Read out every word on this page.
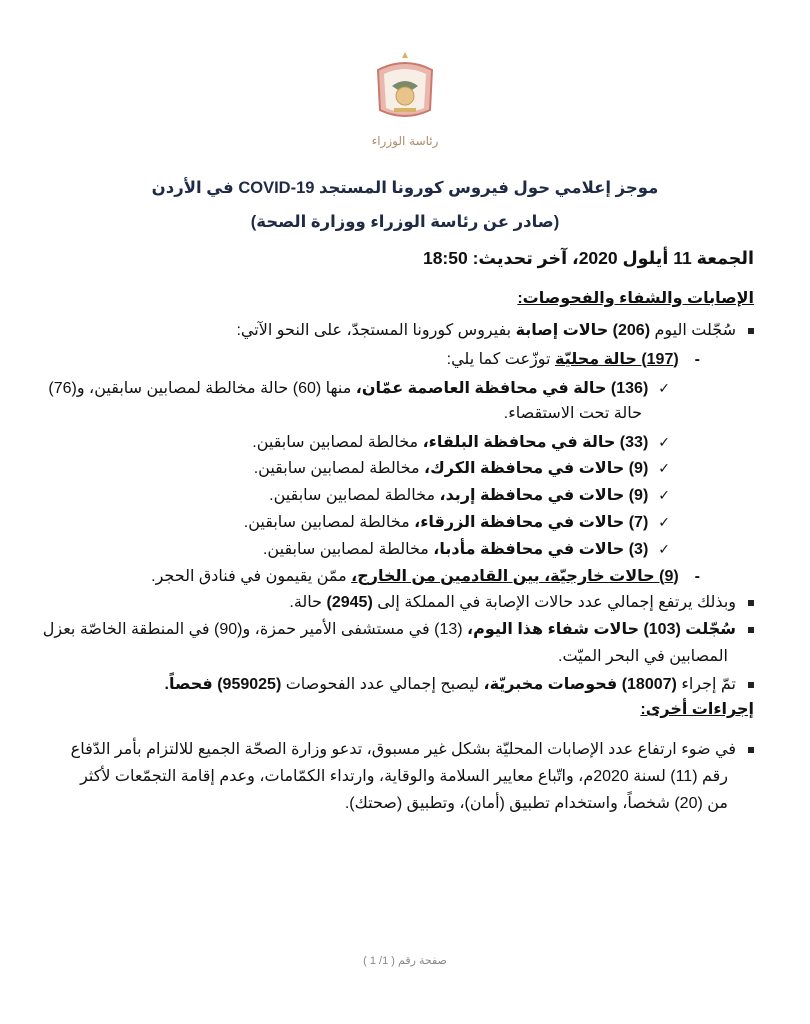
رئاسة الوزراء
موجز إعلامي حول فيروس كورونا المستجد COVID-19 في الأردن
(صادر عن رئاسة الوزراء ووزارة الصحة)
الجمعة 11 أيلول 2020، آخر تحديث: 18:50
الإصابات والشفاء والفحوصات:
سُجّلت اليوم (206) حالات إصابة بفيروس كورونا المستجدّ، على النحو الآتي:
-(197) حالة محليّة توزّعت كما يلي:
✓(136) حالة في محافظة العاصمة عمّان، منها (60) حالة مخالطة لمصابين سابقين، و(76)
حالة تحت الاستقصاء.
✓(33) حالة في محافظة البلقاء، مخالطة لمصابين سابقين.
✓(9) حالات في محافظة الكرك، مخالطة لمصابين سابقين.
✓(9) حالات في محافظة إربد، مخالطة لمصابين سابقين.
✓(7) حالات في محافظة الزرقاء، مخالطة لمصابين سابقين.
✓(3) حالات في محافظة مأدبا، مخالطة لمصابين سابقين.
-(9) حالات خارجيّة، بين القادمين من الخارج، ممّن يقيمون في فنادق الحجر.
وبذلك يرتفع إجمالي عدد حالات الإصابة في المملكة إلى (2945) حالة.
سُجّلت (103) حالات شفاء هذا اليوم، (13) في مستشفى الأمير حمزة، و(90) في المنطقة الخاصّة بعزل
المصابين في البحر الميّت.
تمّ إجراء (18007) فحوصات مخبريّة، ليصبح إجمالي عدد الفحوصات (959025) فحصاً.
إجراءات أخرى:
في ضوء ارتفاع عدد الإصابات المحليّة بشكل غير مسبوق، تدعو وزارة الصحّة الجميع للالتزام بأمر الدّفاع
رقم (11) لسنة 2020م، واتّباع معايير السلامة والوقاية، وارتداء الكمّامات، وعدم إقامة التجمّعات لأكثر
من (20) شخصاً، واستخدام تطبيق (أمان)، وتطبيق (صحتك).
صفحة رقم ( 1/ 1 )
